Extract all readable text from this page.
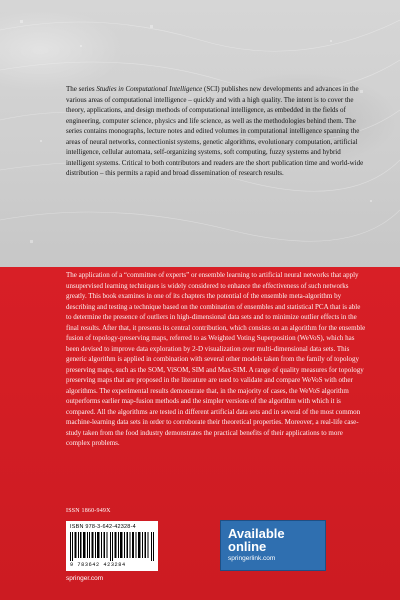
The series Studies in Computational Intelligence (SCI) publishes new developments and advances in the various areas of computational intelligence – quickly and with a high quality. The intent is to cover the theory, applications, and design methods of computational intelligence, as embedded in the fields of engineering, computer science, physics and life science, as well as the methodologies behind them. The series contains monographs, lecture notes and edited volumes in computational intelligence spanning the areas of neural networks, connectionist systems, genetic algorithms, evolutionary computation, artificial intelligence, cellular automata, self-organizing systems, soft computing, fuzzy systems and hybrid intelligent systems. Critical to both contributors and readers are the short publication time and world-wide distribution – this permits a rapid and broad dissemination of research results.

The application of a “committee of experts” or ensemble learning to artificial neural networks that apply unsupervised learning techniques is widely considered to enhance the effectiveness of such networks greatly. This book examines in one of its chapters the potential of the ensemble meta-algorithm by describing and testing a technique based on the combination of ensembles and statistical PCA that is able to determine the presence of outliers in high-dimensional data sets and to minimize outlier effects in the final results. After that, it presents its central contribution, which consists on an algorithm for the ensemble fusion of topology-preserving maps, referred to as Weighted Voting Superposition (WeVoS), which has been devised to improve data exploration by 2-D visualization over multi-dimensional data sets. This generic algorithm is applied in combination with several other models taken from the family of topology preserving maps, such as the SOM, ViSOM, SIM and Max-SIM. A range of quality measures for topology preserving maps that are proposed in the literature are used to validate and compare WeVoS with other algorithms. The experimental results demonstrate that, in the majority of cases, the WeVoS algorithm outperforms earlier map-fusion methods and the simpler versions of the algorithm with which it is compared. All the algorithms are tested in different artificial data sets and in several of the most common machine-learning data sets in order to corroborate their theoretical properties. Moreover, a real-life case-study taken from the food industry demonstrates the practical benefits of their applications to more complex problems.

ISSN 1860-949X
ISBN 978-3-642-42328-4
9 783642 423284
springer.com
Available
online
springerlink.com
